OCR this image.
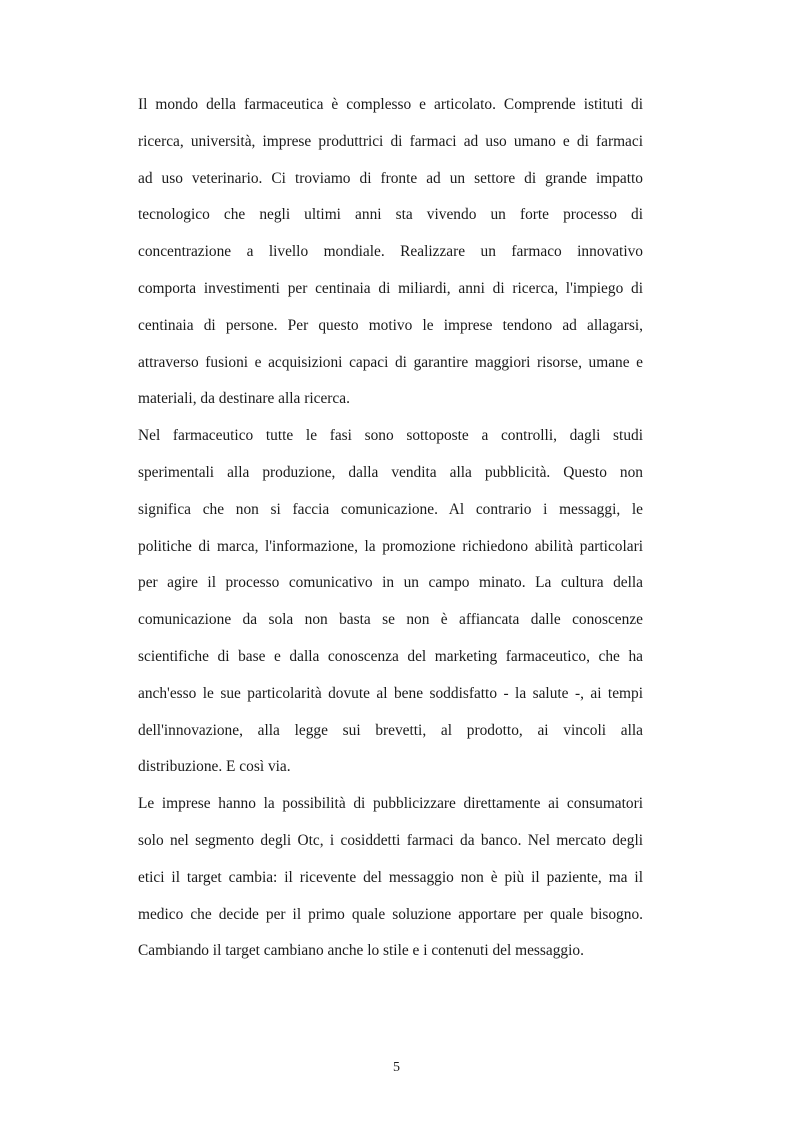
Il mondo della farmaceutica è complesso e articolato. Comprende istituti di
ricerca, università, imprese produttrici di farmaci ad uso umano e di farmaci
ad uso veterinario. Ci troviamo di fronte ad un settore di grande impatto
tecnologico che negli ultimi anni sta vivendo un forte processo di
concentrazione a livello mondiale. Realizzare un farmaco innovativo
comporta investimenti per centinaia di miliardi, anni di ricerca, l'impiego di
centinaia di persone. Per questo motivo le imprese tendono ad allagarsi,
attraverso fusioni e acquisizioni capaci di garantire maggiori risorse, umane e
materiali, da destinare alla ricerca.
Nel farmaceutico tutte le fasi sono sottoposte a controlli, dagli studi
sperimentali alla produzione, dalla vendita alla pubblicità. Questo non
significa che non si faccia comunicazione. Al contrario i messaggi, le
politiche di marca, l'informazione, la promozione richiedono abilità particolari
per agire il processo comunicativo in un campo minato. La cultura della
comunicazione da sola non basta se non è affiancata dalle conoscenze
scientifiche di base e dalla conoscenza del marketing farmaceutico, che ha
anch'esso le sue particolarità dovute al bene soddisfatto - la salute -, ai tempi
dell'innovazione, alla legge sui brevetti, al prodotto, ai vincoli alla
distribuzione. E così via.
Le imprese hanno la possibilità di pubblicizzare direttamente ai consumatori
solo nel segmento degli Otc, i cosiddetti farmaci da banco. Nel mercato degli
etici il target cambia: il ricevente del messaggio non è più il paziente, ma il
medico che decide per il primo quale soluzione apportare per quale bisogno.
Cambiando il target cambiano anche lo stile e i contenuti del messaggio.
5
